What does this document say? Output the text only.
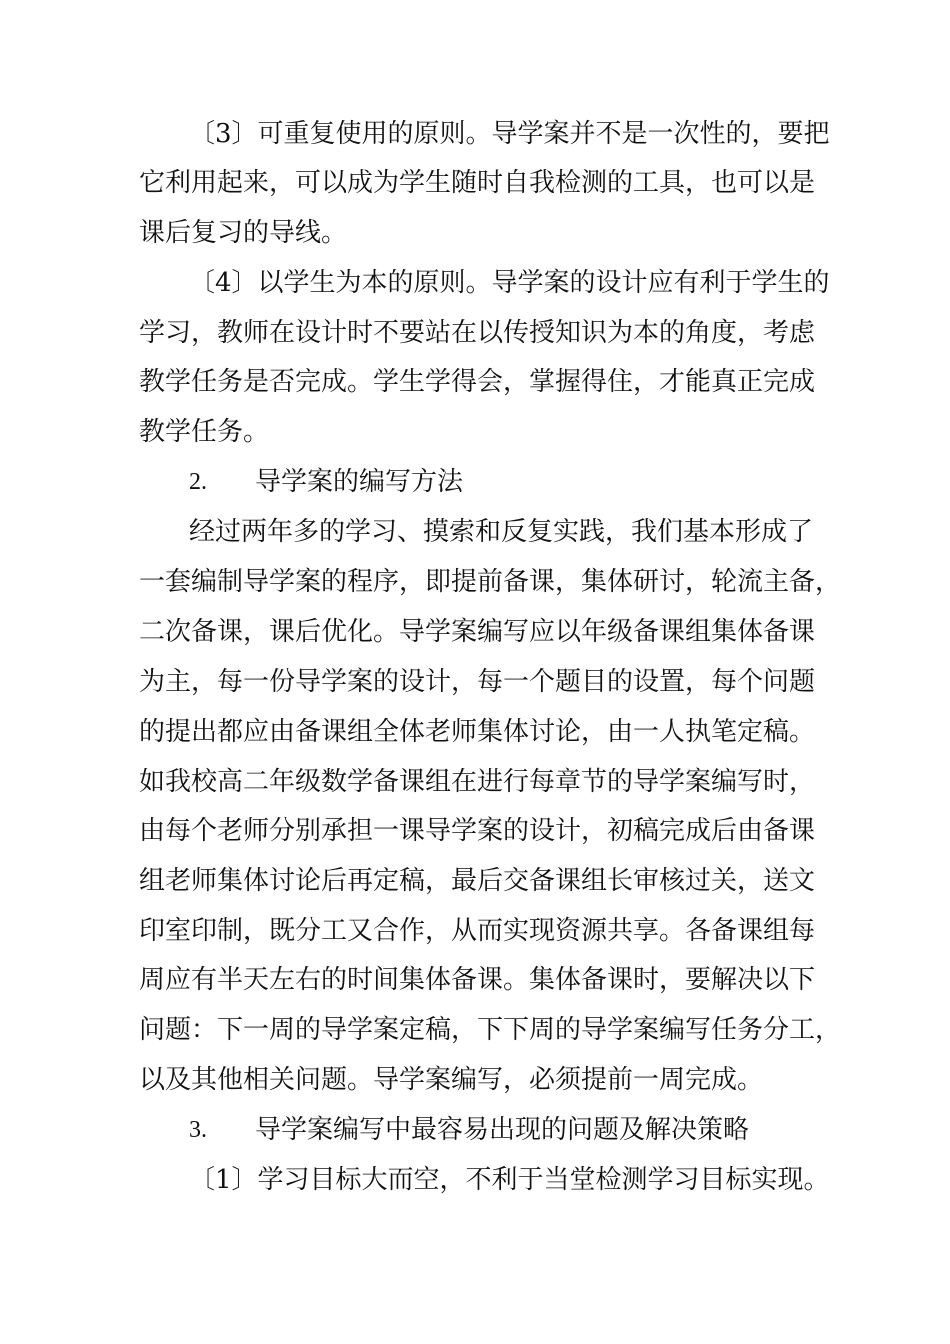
〔3〕可重复使用的原则。导学案并不是一次性的，要把
它利用起来，可以成为学生随时自我检测的工具，也可以是
课后复习的导线。
〔4〕以学生为本的原则。导学案的设计应有利于学生的
学习，教师在设计时不要站在以传授知识为本的角度，考虑
教学任务是否完成。学生学得会，掌握得住，才能真正完成
教学任务。
2. 导学案的编写方法
经过两年多的学习、摸索和反复实践，我们基本形成了
一套编制导学案的程序，即提前备课，集体研讨，轮流主备，
二次备课，课后优化。导学案编写应以年级备课组集体备课
为主，每一份导学案的设计，每一个题目的设置，每个问题
的提出都应由备课组全体老师集体讨论，由一人执笔定稿。
如我校高二年级数学备课组在进行每章节的导学案编写时，
由每个老师分别承担一课导学案的设计，初稿完成后由备课
组老师集体讨论后再定稿，最后交备课组长审核过关，送文
印室印制，既分工又合作，从而实现资源共享。各备课组每
周应有半天左右的时间集体备课。集体备课时，要解决以下
问题：下一周的导学案定稿，下下周的导学案编写任务分工，
以及其他相关问题。导学案编写，必须提前一周完成。
3. 导学案编写中最容易出现的问题及解决策略
〔1〕学习目标大而空，不利于当堂检测学习目标实现。
